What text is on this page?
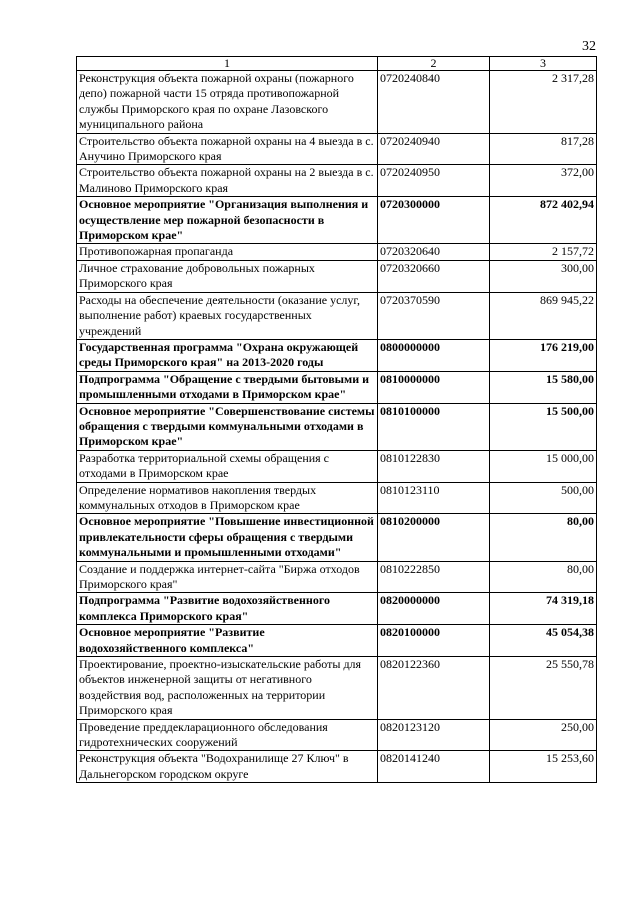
32
1	2	3
Реконструкция объекта пожарной охраны (пожарного депо) пожарной части 15 отряда противопожарной службы Приморского края по охране Лазовского муниципального района	0720240840	2 317,28
Строительство объекта пожарной охраны на 4 выезда в с. Анучино Приморского края	0720240940	817,28
Строительство объекта пожарной охраны на 2 выезда в с. Малиново Приморского края	0720240950	372,00
Основное мероприятие "Организация выполнения и осуществление мер пожарной безопасности в Приморском крае"	0720300000	872 402,94
Противопожарная пропаганда	0720320640	2 157,72
Личное страхование добровольных пожарных Приморского края	0720320660	300,00
Расходы на обеспечение деятельности (оказание услуг, выполнение работ) краевых государственных учреждений	0720370590	869 945,22
Государственная программа "Охрана окружающей среды Приморского края" на 2013-2020 годы	0800000000	176 219,00
Подпрограмма "Обращение с твердыми бытовыми и промышленными отходами в Приморском крае"	0810000000	15 580,00
Основное мероприятие "Совершенствование системы обращения с твердыми коммунальными отходами в Приморском крае"	0810100000	15 500,00
Разработка территориальной схемы обращения с отходами в Приморском крае	0810122830	15 000,00
Определение нормативов накопления твердых коммунальных отходов в Приморском крае	0810123110	500,00
Основное мероприятие "Повышение инвестиционной привлекательности сферы обращения с твердыми коммунальными и промышленными отходами"	0810200000	80,00
Создание и поддержка интернет-сайта "Биржа отходов Приморского края"	0810222850	80,00
Подпрограмма "Развитие водохозяйственного комплекса Приморского края"	0820000000	74 319,18
Основное мероприятие "Развитие водохозяйственного комплекса"	0820100000	45 054,38
Проектирование, проектно-изыскательские работы для объектов инженерной защиты от негативного воздействия вод, расположенных на территории Приморского края	0820122360	25 550,78
Проведение преддекларационного обследования гидротехнических сооружений	0820123120	250,00
Реконструкция объекта "Водохранилище 27 Ключ" в Дальнегорском городском округе	0820141240	15 253,60
